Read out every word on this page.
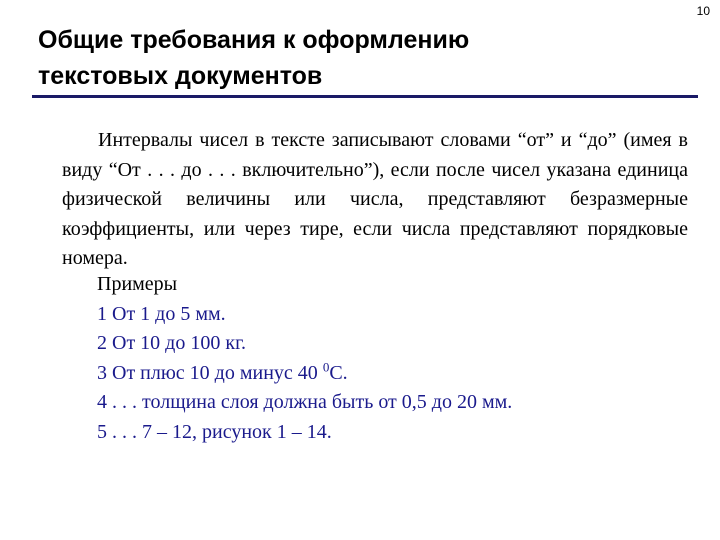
10
Общие требования к оформлению
текстовых документов
Интервалы чисел в тексте записывают словами “от” и “до” (имея в виду “От . . . до . . . включительно”), если после чисел указана единица физической величины или числа, представляют безразмерные коэффициенты, или через тире, если числа представляют порядковые номера.
Примеры
1 От 1 до 5 мм.
2 От 10 до 100 кг.
3 От плюс 10 до минус 40 $^0$С.
4 . . . толщина слоя должна быть от 0,5 до 20 мм.
5 . . . 7 – 12, рисунок 1 – 14.
